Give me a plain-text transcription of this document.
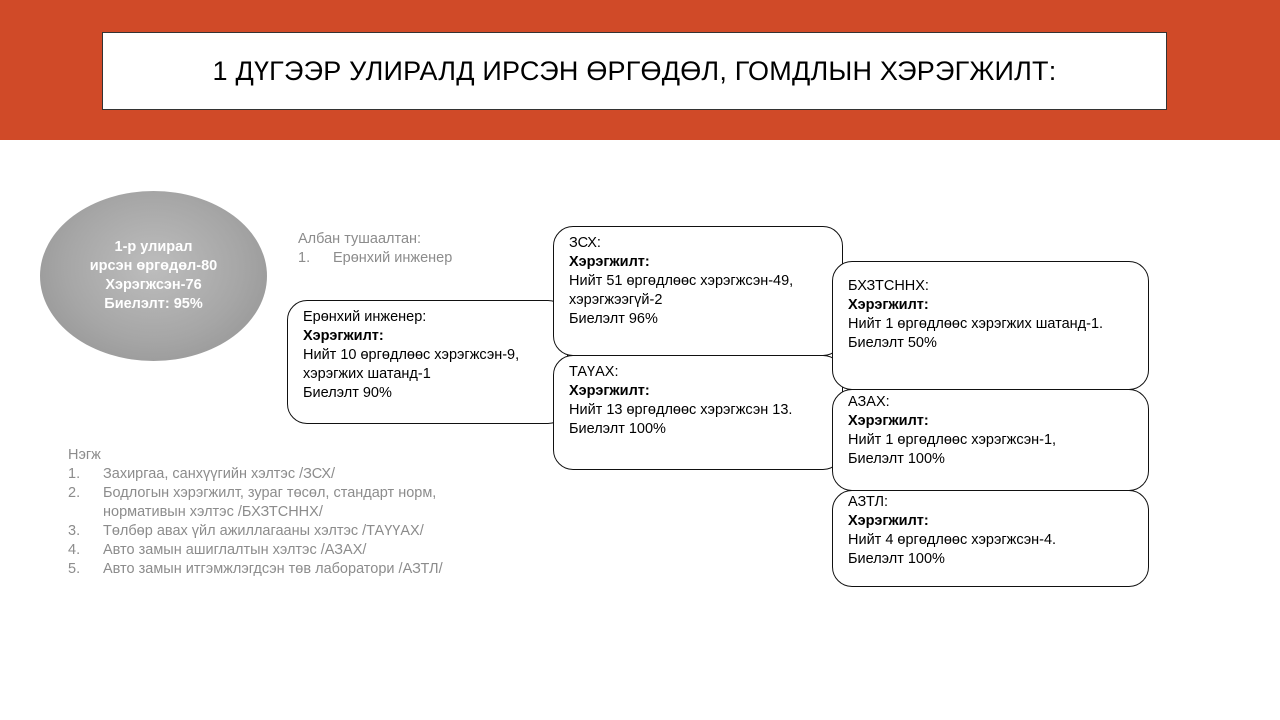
1 ДҮГЭЭР УЛИРАЛД ИРСЭН ӨРГӨДӨЛ, ГОМДЛЫН ХЭРЭГЖИЛТ:
1-р улирал
ирсэн өргөдөл-80
Хэрэгжсэн-76
Биелэлт: 95%
Албан тушаалтан:
1.	Ерөнхий инженер
Ерөнхий инженер:
Хэрэгжилт:
Нийт 10 өргөдлөөс хэрэгжсэн-9,
хэрэгжих шатанд-1
Биелэлт 90%
ЗСХ:
Хэрэгжилт:
Нийт 51 өргөдлөөс хэрэгжсэн-49,
хэрэгжээгүй-2
Биелэлт 96%
ТАҮАХ:
Хэрэгжилт:
Нийт 13 өргөдлөөс хэрэгжсэн 13.
Биелэлт 100%
БХЗТСННХ:
Хэрэгжилт:
Нийт 1 өргөдлөөс хэрэгжих шатанд-1.
Биелэлт 50%
АЗАХ:
Хэрэгжилт:
Нийт 1 өргөдлөөс хэрэгжсэн-1,
Биелэлт 100%
АЗТЛ:
Хэрэгжилт:
Нийт 4 өргөдлөөс хэрэгжсэн-4.
Биелэлт 100%
Нэгж
1.	Захиргаа, санхүүгийн хэлтэс /ЗСХ/
2.	Бодлогын хэрэгжилт, зураг төсөл, стандарт норм, нормативын хэлтэс /БХЗТСННХ/
3.	Төлбөр авах үйл ажиллагааны хэлтэс /ТАҮҮАХ/
4.	Авто замын ашиглалтын хэлтэс /АЗАХ/
5.	Авто замын итгэмжлэгдсэн төв лаборатори /АЗТЛ/
